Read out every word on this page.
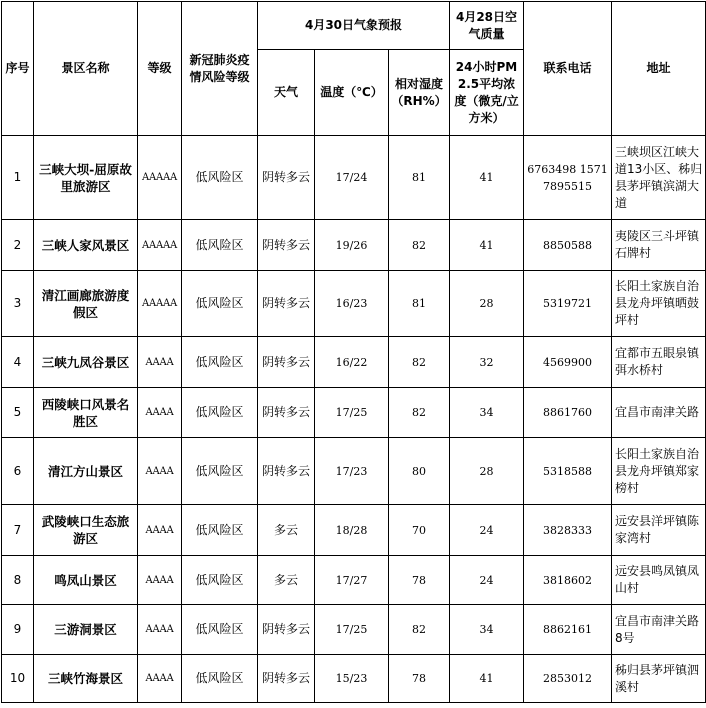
序号	景区名称	等级	新冠肺炎疫情风险等级	4月30日气象预报			4月28日空气质量	联系电话	地址
				天气	温度（℃）	相对湿度（RH%）	24小时PM2.5平均浓度（微克/立方米）		
1	三峡大坝-屈原故里旅游区	AAAAA	低风险区	阴转多云	17/24	81	41	6763498 15717895515	三峡坝区江峡大道13小区、秭归县茅坪镇滨湖大道
2	三峡人家风景区	AAAAA	低风险区	阴转多云	19/26	82	41	8850588	夷陵区三斗坪镇石牌村
3	清江画廊旅游度假区	AAAAA	低风险区	阴转多云	16/23	81	28	5319721	长阳土家族自治县龙舟坪镇晒鼓坪村
4	三峡九凤谷景区	AAAA	低风险区	阴转多云	16/22	82	32	4569900	宜都市五眼泉镇弭水桥村
5	西陵峡口风景名胜区	AAAA	低风险区	阴转多云	17/25	82	34	8861760	宜昌市南津关路
6	清江方山景区	AAAA	低风险区	阴转多云	17/23	80	28	5318588	长阳土家族自治县龙舟坪镇郑家榜村
7	武陵峡口生态旅游区	AAAA	低风险区	多云	18/28	70	24	3828333	远安县洋坪镇陈家湾村
8	鸣凤山景区	AAAA	低风险区	多云	17/27	78	24	3818602	远安县鸣凤镇凤山村
9	三游洞景区	AAAA	低风险区	阴转多云	17/25	82	34	8862161	宜昌市南津关路8号
10	三峡竹海景区	AAAA	低风险区	阴转多云	15/23	78	41	2853012	秭归县茅坪镇泗溪村
